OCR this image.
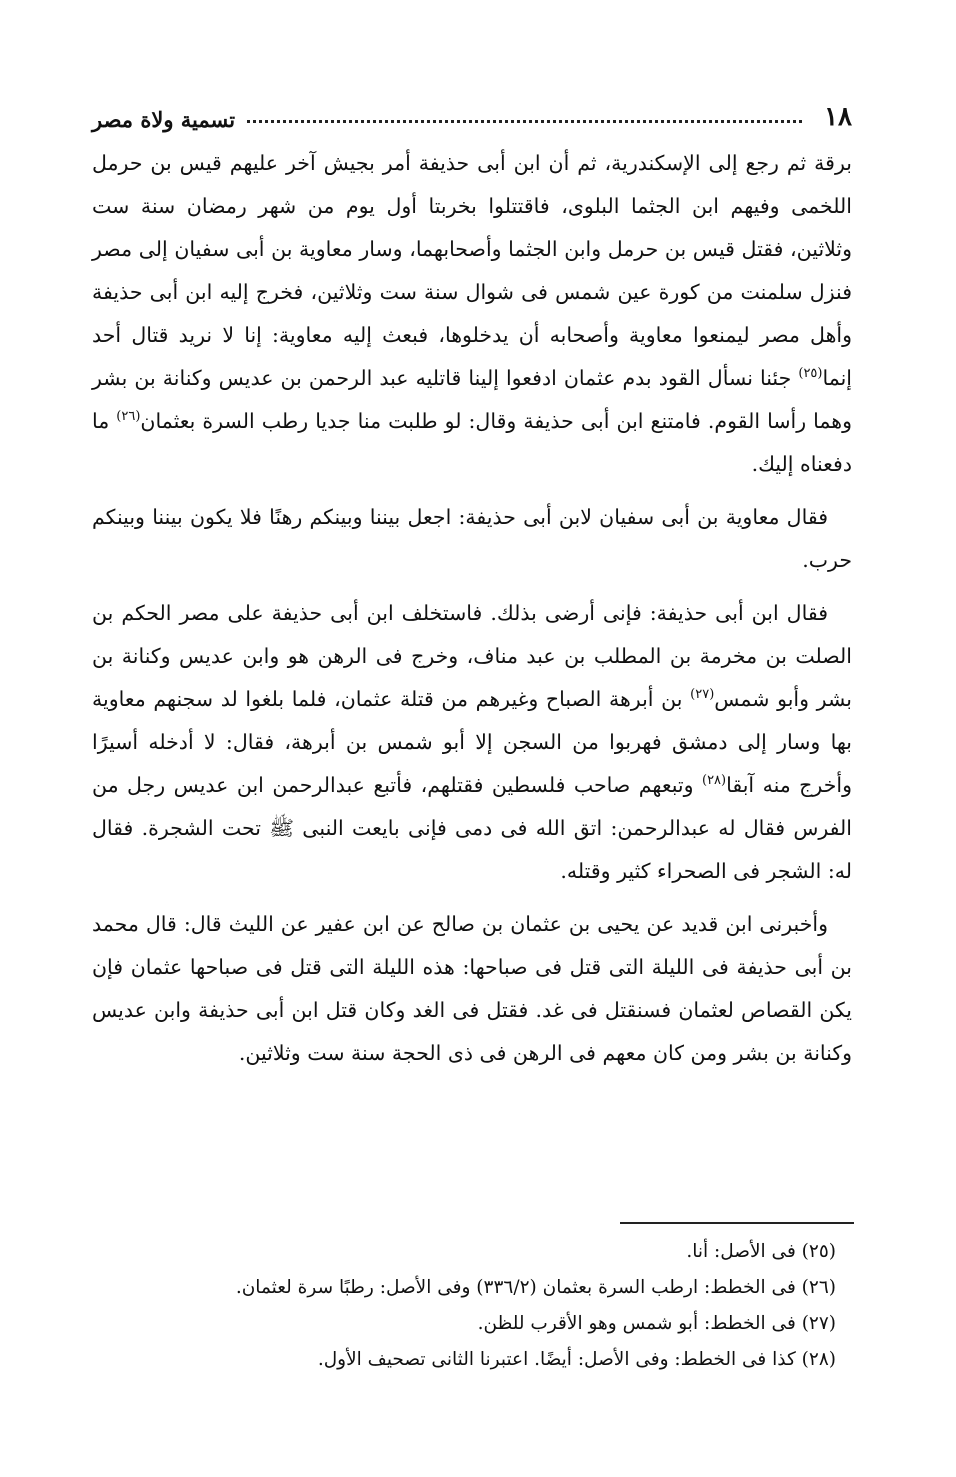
١٨
تسمية ولاة مصر

برقة ثم رجع إلى الإسكندرية، ثم أن ابن أبى حذيفة أمر بجيش آخر عليهم قيس بن حرمل اللخمى وفيهم ابن الجثما البلوى، فاقتتلوا بخربتا أول يوم من شهر رمضان سنة ست وثلاثين، فقتل قيس بن حرمل وابن الجثما وأصحابهما، وسار معاوية بن أبى سفيان إلى مصر فنزل سلمنت من كورة عين شمس فى شوال سنة ست وثلاثين، فخرج إليه ابن أبى حذيفة وأهل مصر ليمنعوا معاوية وأصحابه أن يدخلوها، فبعث إليه معاوية: إنا لا نريد قتال أحد إنما$^{(٢٥)}$ جئنا نسأل القود بدم عثمان ادفعوا إلينا قاتليه عبد الرحمن بن عديس وكنانة بن بشر وهما رأسا القوم. فامتنع ابن أبى حذيفة وقال: لو طلبت منا جديا رطب السرة بعثمان$^{(٢٦)}$ ما دفعناه إليك.

فقال معاوية بن أبى سفيان لابن أبى حذيفة: اجعل بيننا وبينكم رهنًا فلا يكون بيننا وبينكم حرب.

فقال ابن أبى حذيفة: فإنى أرضى بذلك. فاستخلف ابن أبى حذيفة على مصر الحكم بن الصلت بن مخرمة بن المطلب بن عبد مناف، وخرج فى الرهن هو وابن عديس وكنانة بن بشر وأبو شمس$^{(٢٧)}$ بن أبرهة الصباح وغيرهم من قتلة عثمان، فلما بلغوا لد سجنهم معاوية بها وسار إلى دمشق فهربوا من السجن إلا أبو شمس بن أبرهة، فقال: لا أدخله أسيرًا وأخرج منه آبقا$^{(٢٨)}$ وتبعهم صاحب فلسطين فقتلهم، فأتبع عبدالرحمن ابن عديس رجل من الفرس فقال له عبدالرحمن: اتق الله فى دمى فإنى بايعت النبى ﷺ تحت الشجرة. فقال له: الشجر فى الصحراء كثير وقتله.

وأخبرنى ابن قديد عن يحيى بن عثمان بن صالح عن ابن عفير عن الليث قال: قال محمد بن أبى حذيفة فى الليلة التى قتل فى صباحها: هذه الليلة التى قتل فى صباحها عثمان فإن يكن القصاص لعثمان فسنقتل فى غد. فقتل فى الغد وكان قتل ابن أبى حذيفة وابن عديس وكنانة بن بشر ومن كان معهم فى الرهن فى ذى الحجة سنة ست وثلاثين.

(٢٥) فى الأصل: أنا.

(٢٦) فى الخطط: ارطب السرة بعثمان (٣٣٦/٢) وفى الأصل: رطبًا سرة لعثمان.

(٢٧) فى الخطط: أبو شمس وهو الأقرب للظن.

(٢٨) كذا فى الخطط: وفى الأصل: أيضًا. اعتبرنا الثانى تصحيف الأول.
